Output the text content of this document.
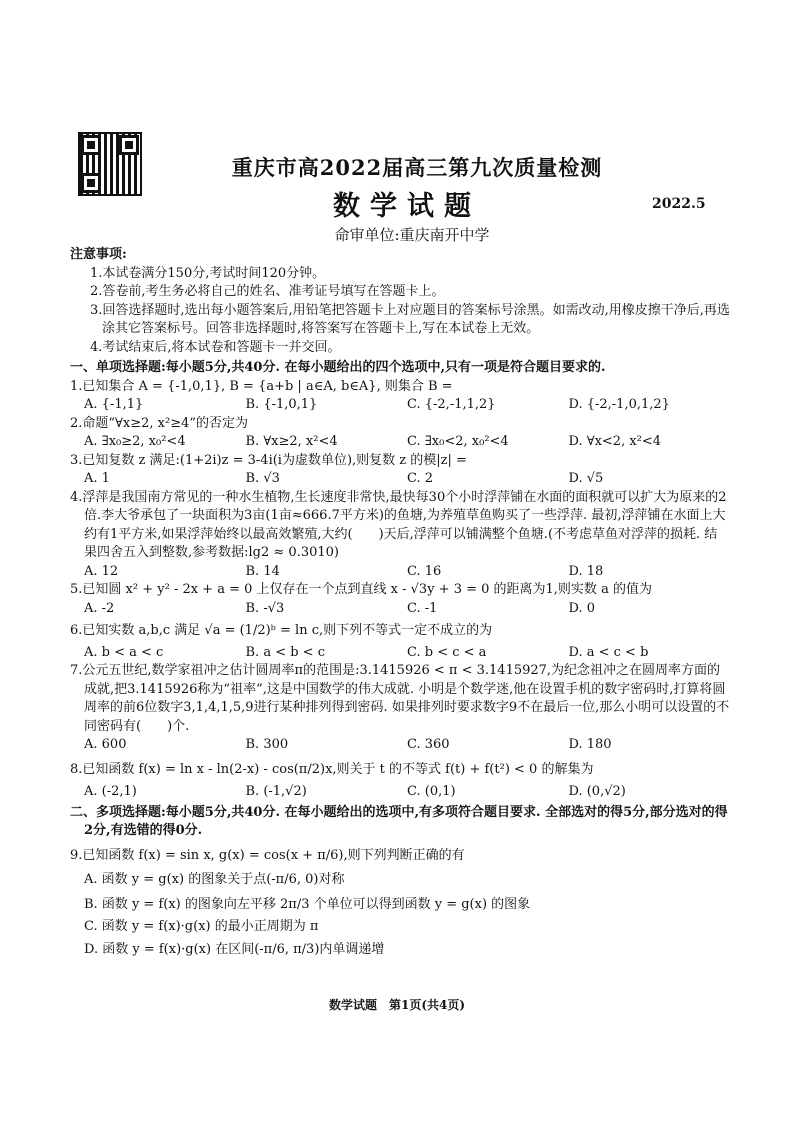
重庆市高2022届高三第九次质量检测
数学试题	2022.5
命审单位:重庆南开中学
注意事项:
1.本试卷满分150分,考试时间120分钟。
2.答卷前,考生务必将自己的姓名、准考证号填写在答题卡上。
3.回答选择题时,选出每小题答案后,用铅笔把答题卡上对应题目的答案标号涂黑。如需改动,用橡皮擦干净后,再选涂其它答案标号。回答非选择题时,将答案写在答题卡上,写在本试卷上无效。
4.考试结束后,将本试卷和答题卡一并交回。
一、单项选择题:每小题5分,共40分. 在每小题给出的四个选项中,只有一项是符合题目要求的.
1.已知集合 A = {-1,0,1}, B = {a+b | a∈A, b∈A}, 则集合 B =
A. {-1,1}	B. {-1,0,1}	C. {-2,-1,1,2}	D. {-2,-1,0,1,2}
2.命题“∀x≥2, x²≥4”的否定为
A. ∃x₀≥2, x₀²<4	B. ∀x≥2, x²<4	C. ∃x₀<2, x₀²<4	D. ∀x<2, x²<4
3.已知复数 z 满足:(1+2i)z = 3-4i(i为虚数单位),则复数 z 的模|z| =
A. 1	B. √3	C. 2	D. √5
4.浮萍是我国南方常见的一种水生植物,生长速度非常快,最快每30个小时浮萍铺在水面的面积就可以扩大为原来的2倍.李大爷承包了一块面积为3亩(1亩≈666.7平方米)的鱼塘,为养殖草鱼购买了一些浮萍. 最初,浮萍铺在水面上大约有1平方米,如果浮萍始终以最高效繁殖,大约(　　)天后,浮萍可以铺满整个鱼塘.(不考虑草鱼对浮萍的损耗. 结果四舍五入到整数,参考数据:lg2 ≈ 0.3010)
A. 12	B. 14	C. 16	D. 18
5.已知圆 x² + y² - 2x + a = 0 上仅存在一个点到直线 x - √3y + 3 = 0 的距离为1,则实数 a 的值为
A. -2	B. -√3	C. -1	D. 0
6.已知实数 a,b,c 满足 √a = (1/2)ᵇ = ln c,则下列不等式一定不成立的为
A. b < a < c	B. a < b < c	C. b < c < a	D. a < c < b
7.公元五世纪,数学家祖冲之估计圆周率π的范围是:3.1415926 < π < 3.1415927,为纪念祖冲之在圆周率方面的成就,把3.1415926称为“祖率”,这是中国数学的伟大成就. 小明是个数学迷,他在设置手机的数字密码时,打算将圆周率的前6位数字3,1,4,1,5,9进行某种排列得到密码. 如果排列时要求数字9不在最后一位,那么小明可以设置的不同密码有(　　)个.
A. 600	B. 300	C. 360	D. 180
8.已知函数 f(x) = ln x - ln(2-x) - cos(π/2)x,则关于 t 的不等式 f(t) + f(t²) < 0 的解集为
A. (-2,1)	B. (-1,√2)	C. (0,1)	D. (0,√2)
二、多项选择题:每小题5分,共40分. 在每小题给出的选项中,有多项符合题目要求. 全部选对的得5分,部分选对的得2分,有选错的得0分.
9.已知函数 f(x) = sin x, g(x) = cos(x + π/6),则下列判断正确的有
A. 函数 y = g(x) 的图象关于点(-π/6, 0)对称
B. 函数 y = f(x) 的图象向左平移 2π/3 个单位可以得到函数 y = g(x) 的图象
C. 函数 y = f(x)·g(x) 的最小正周期为 π
D. 函数 y = f(x)·g(x) 在区间(-π/6, π/3)内单调递增
数学试题　第1页(共4页)
